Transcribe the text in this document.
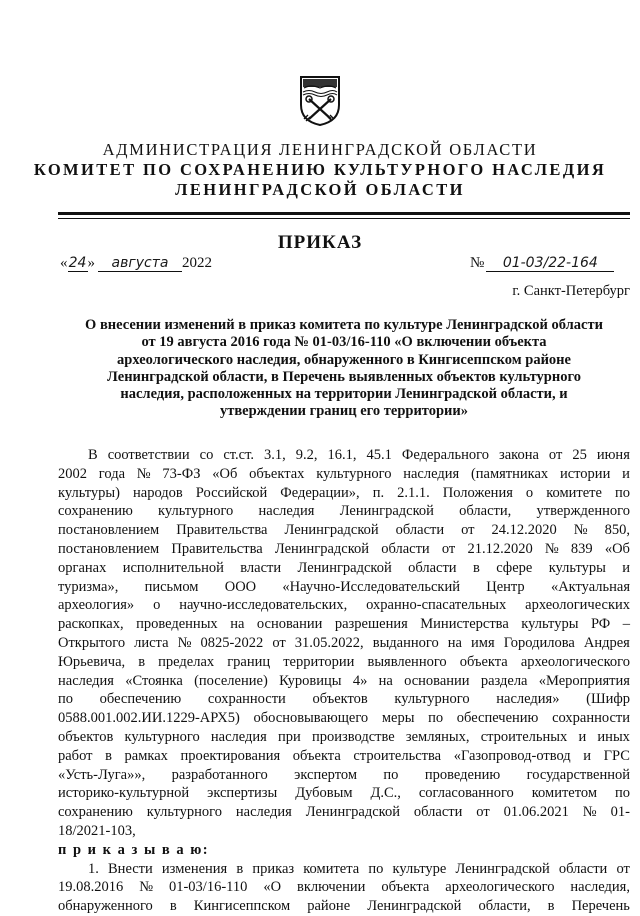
АДМИНИСТРАЦИЯ ЛЕНИНГРАДСКОЙ ОБЛАСТИ
КОМИТЕТ ПО СОХРАНЕНИЮ КУЛЬТУРНОГО НАСЛЕДИЯ
ЛЕНИНГРАДСКОЙ ОБЛАСТИ
ПРИКАЗ
«24» августа 2022	№ 01-03/22-164
г. Санкт-Петербург
О внесении изменений в приказ комитета по культуре Ленинградской области
от 19 августа 2016 года № 01-03/16-110 «О включении объекта
археологического наследия, обнаруженного в Кингисеппском районе
Ленинградской области, в Перечень выявленных объектов культурного
наследия, расположенных на территории Ленинградской области, и
утверждении границ его территории»
В соответствии со ст.ст. 3.1, 9.2, 16.1, 45.1 Федерального закона от 25 июня
2002 года № 73-ФЗ «Об объектах культурного наследия (памятниках истории и
культуры) народов Российской Федерации», п. 2.1.1. Положения о комитете по
сохранению культурного наследия Ленинградской области, утвержденного
постановлением Правительства Ленинградской области от 24.12.2020 № 850,
постановлением Правительства Ленинградской области от 21.12.2020 № 839 «Об
органах исполнительной власти Ленинградской области в сфере культуры и
туризма», письмом ООО «Научно-Исследовательский Центр «Актуальная
археология» о научно-исследовательских, охранно-спасательных археологических
раскопках, проведенных на основании разрешения Министерства культуры РФ –
Открытого листа № 0825-2022 от 31.05.2022, выданного на имя Городилова Андрея
Юрьевича, в пределах границ территории выявленного объекта археологического
наследия «Стоянка (поселение) Куровицы 4» на основании раздела «Мероприятия
по обеспечению сохранности объектов культурного наследия» (Шифр
0588.001.002.ИИ.1229-АРХ5) обосновывающего меры по обеспечению сохранности
объектов культурного наследия при производстве земляных, строительных и иных
работ в рамках проектирования объекта строительства «Газопровод-отвод и ГРС
«Усть-Луга»», разработанного экспертом по проведению государственной
историко-культурной экспертизы Дубовым Д.С., согласованного комитетом по
сохранению культурного наследия Ленинградской области от 01.06.2021 № 01-
18/2021-103,
п р и к а з ы в а ю:
1. Внести изменения в приказ комитета по культуре Ленинградской области от
19.08.2016 № 01-03/16-110 «О включении объекта археологического наследия,
обнаруженного в Кингисеппском районе Ленинградской области, в Перечень
